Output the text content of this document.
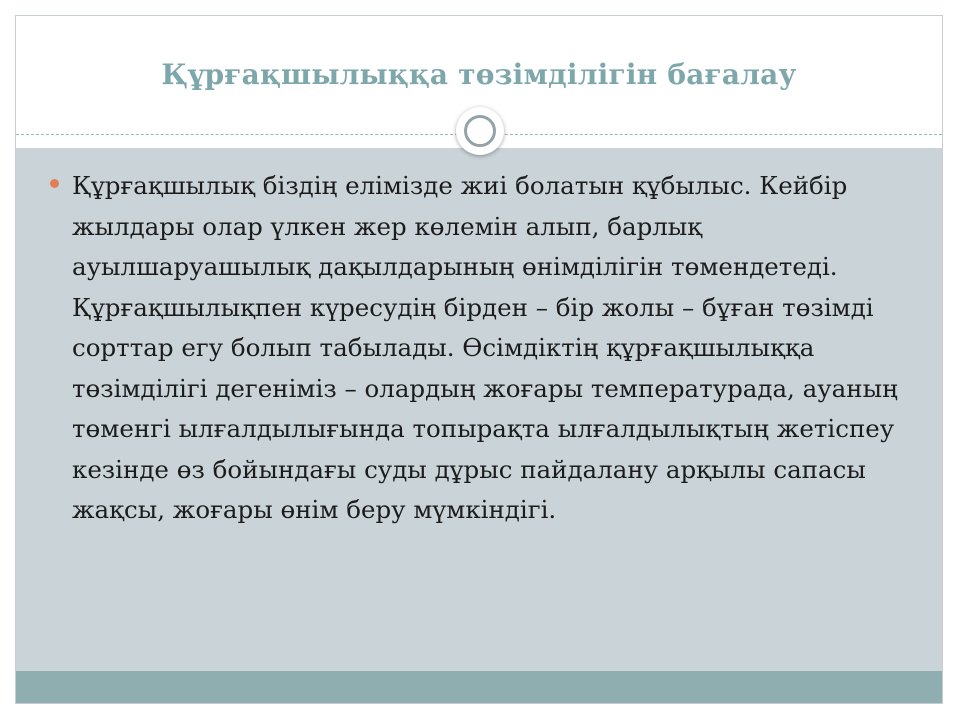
Құрғақшылыққа төзімділігін бағалау

Құрғақшылық біздің елімізде жиі болатын құбылыс. Кейбір жылдары олар үлкен жер көлемін алып, барлық ауылшаруашылық дақылдарының өнімділігін төмендетеді. Құрғақшылықпен күресудің бірден – бір жолы – бұған төзімді сорттар егу болып табылады. Өсімдіктің құрғақшылыққа төзімділігі дегеніміз – олардың жоғары температурада, ауаның төменгі ылғалдылығында топырақта ылғалдылықтың жетіспеу кезінде өз бойындағы суды дұрыс пайдалану арқылы сапасы жақсы, жоғары өнім беру мүмкіндігі.
